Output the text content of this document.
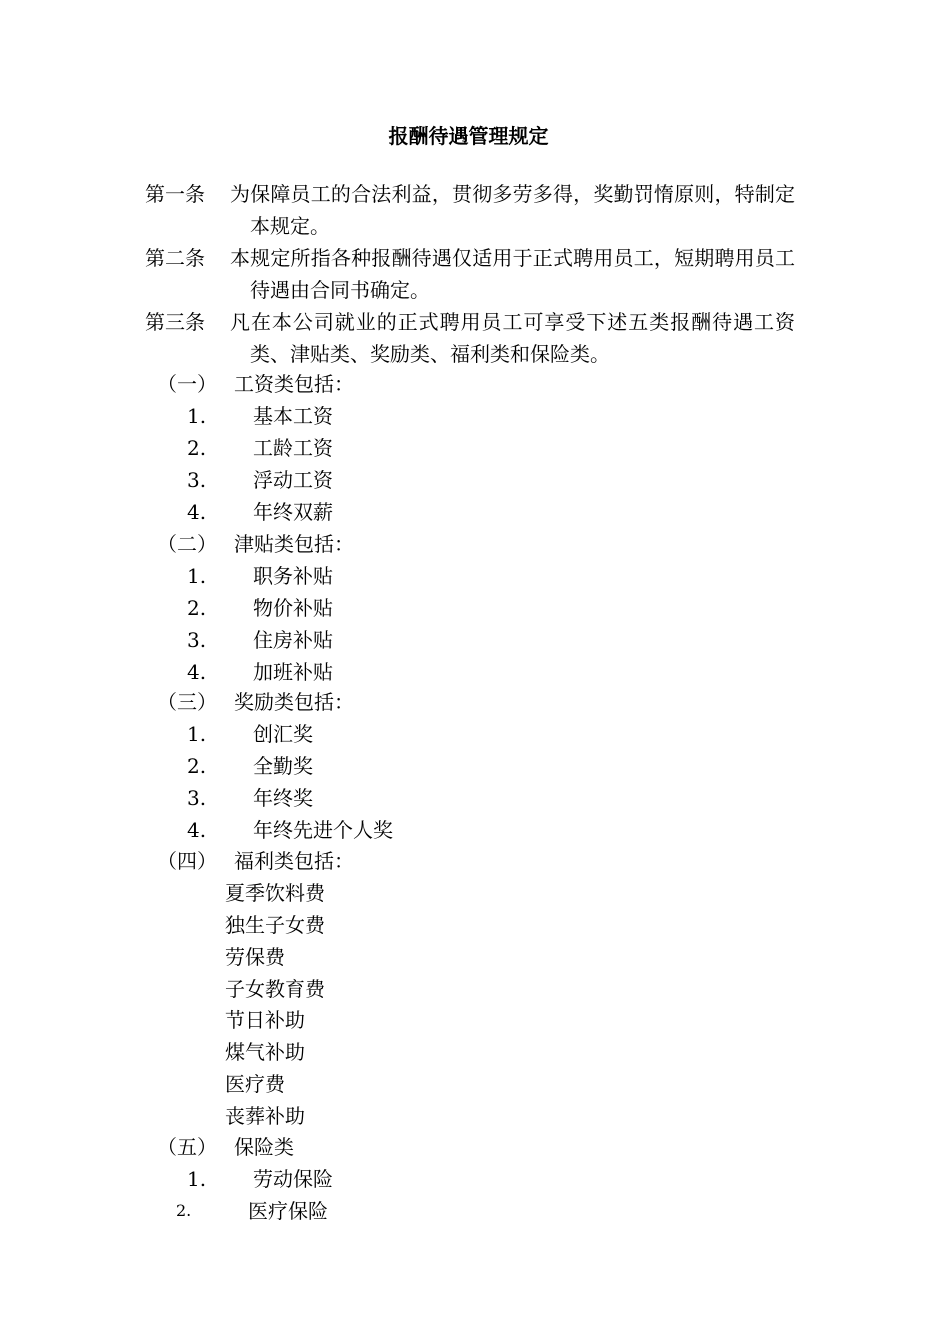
报酬待遇管理规定
第一条	为保障员工的合法利益，贯彻多劳多得，奖勤罚惰原则，特制定本规定。
第二条	本规定所指各种报酬待遇仅适用于正式聘用员工，短期聘用员工待遇由合同书确定。
第三条	凡在本公司就业的正式聘用员工可享受下述五类报酬待遇工资类、津贴类、奖励类、福利类和保险类。
（一） 工资类包括：
1. 基本工资
2. 工龄工资
3. 浮动工资
4. 年终双薪
（二） 津贴类包括：
1. 职务补贴
2. 物价补贴
3. 住房补贴
4. 加班补贴
（三） 奖励类包括：
1. 创汇奖
2. 全勤奖
3. 年终奖
4. 年终先进个人奖
（四） 福利类包括：
夏季饮料费
独生子女费
劳保费
子女教育费
节日补助
煤气补助
医疗费
丧葬补助
（五） 保险类
1. 劳动保险
2.	医疗保险
